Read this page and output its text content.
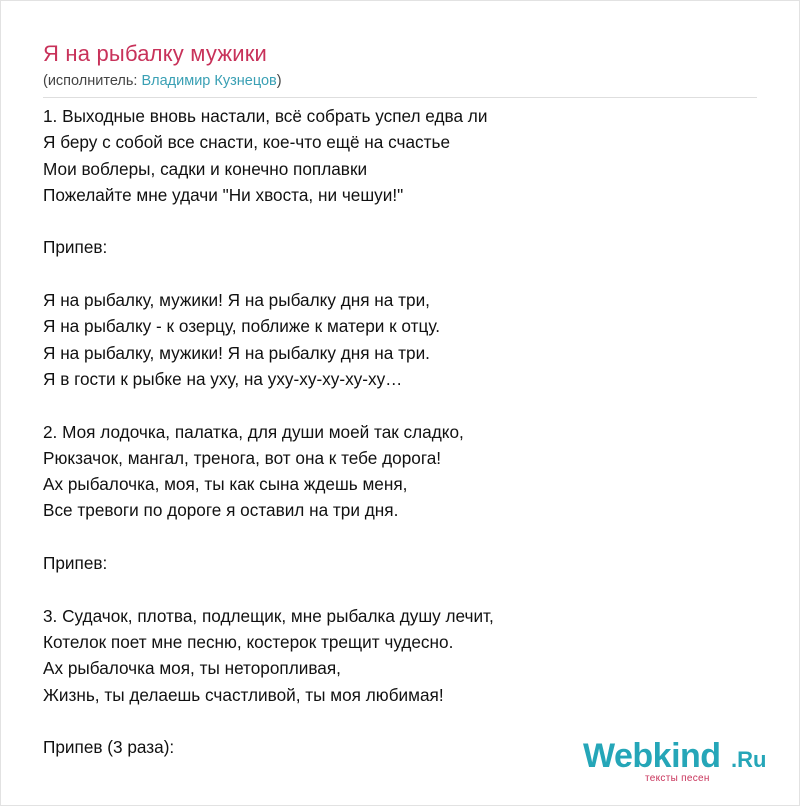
Я на рыбалку мужики
(исполнитель: Владимир Кузнецов)
1. Выходные вновь настали, всё собрать успел едва ли
Я беру с собой все снасти, кое-что ещё на счастье
Мои воблеры, садки и конечно поплавки
Пожелайте мне удачи "Ни хвоста, ни чешуи!"
Припев:
Я на рыбалку, мужики! Я на рыбалку дня на три,
Я на рыбалку - к озерцу, поближе к матери к отцу.
Я на рыбалку, мужики! Я на рыбалку дня на три.
Я в гости к рыбке на уху, на уху-ху-ху-ху-ху…
2. Моя лодочка, палатка, для души моей так сладко,
Рюкзачок, мангал, тренога, вот она к тебе дорога!
Ах рыбалочка, моя, ты как сына ждешь меня,
Все тревоги по дороге я оставил на три дня.
Припев:
3. Судачок, плотва, подлещик, мне рыбалка душу лечит,
Котелок поет мне песню, костерок трещит чудесно.
Ах рыбалочка моя, ты неторопливая,
Жизнь, ты делаешь счастливой, ты моя любимая!
Припев (3 раза):	Webkind .Ru
тексты песен
